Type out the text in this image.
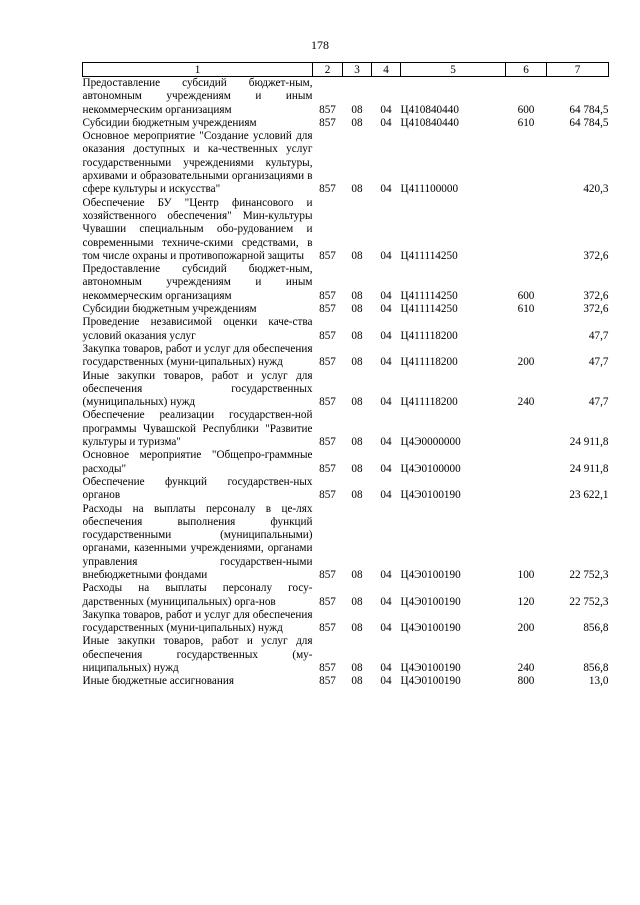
178
1	2	3	4	5	6	7
Предоставление субсидий бюджет-ным, автономным учреждениям и иным некоммерческим организациям	857	08	04	Ц410840440	600	64 784,5
Субсидии бюджетным учреждениям	857	08	04	Ц410840440	610	64 784,5
Основное мероприятие "Создание условий для оказания доступных и ка-чественных услуг государственными учреждениями культуры, архивами и образовательными организациями в сфере культуры и искусства"	857	08	04	Ц411100000		420,3
Обеспечение БУ "Центр финансового и хозяйственного обеспечения" Мин-культуры Чувашии специальным обо-рудованием и современными техниче-скими средствами, в том числе охраны и противопожарной защиты	857	08	04	Ц411114250		372,6
Предоставление субсидий бюджет-ным, автономным учреждениям и иным некоммерческим организациям	857	08	04	Ц411114250	600	372,6
Субсидии бюджетным учреждениям	857	08	04	Ц411114250	610	372,6
Проведение независимой оценки каче-ства условий оказания услуг	857	08	04	Ц411118200		47,7
Закупка товаров, работ и услуг для обеспечения государственных (муни-ципальных) нужд	857	08	04	Ц411118200	200	47,7
Иные закупки товаров, работ и услуг для обеспечения государственных (муниципальных) нужд	857	08	04	Ц411118200	240	47,7
Обеспечение реализации государствен-ной программы Чувашской Республики "Развитие культуры и туризма"	857	08	04	Ц4Э0000000		24 911,8
Основное мероприятие "Общепро-граммные расходы"	857	08	04	Ц4Э0100000		24 911,8
Обеспечение функций государствен-ных органов	857	08	04	Ц4Э0100190		23 622,1
Расходы на выплаты персоналу в це-лях обеспечения выполнения функций государственными (муниципальными) органами, казенными учреждениями, органами управления государствен-ными внебюджетными фондами	857	08	04	Ц4Э0100190	100	22 752,3
Расходы на выплаты персоналу госу-дарственных (муниципальных) орга-нов	857	08	04	Ц4Э0100190	120	22 752,3
Закупка товаров, работ и услуг для обеспечения государственных (муни-ципальных) нужд	857	08	04	Ц4Э0100190	200	856,8
Иные закупки товаров, работ и услуг для обеспечения государственных (му-ниципальных) нужд	857	08	04	Ц4Э0100190	240	856,8
Иные бюджетные ассигнования	857	08	04	Ц4Э0100190	800	13,0
